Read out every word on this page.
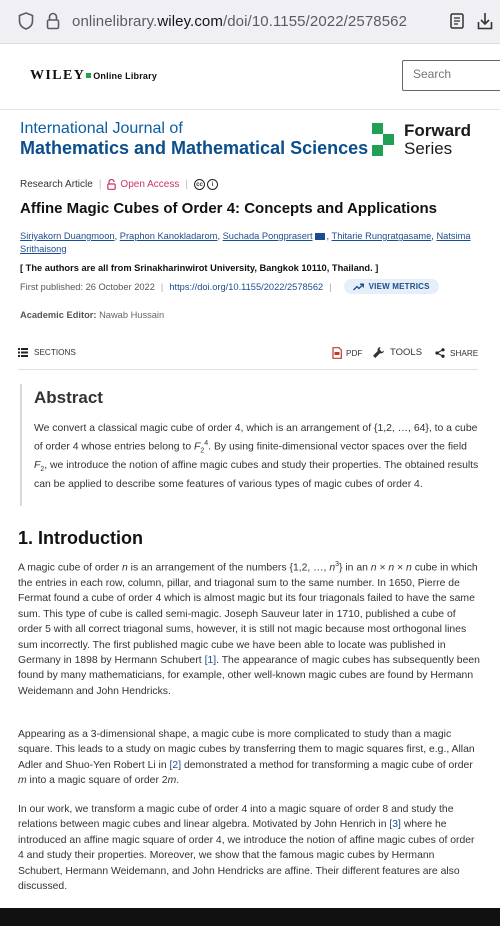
onlinelibrary.wiley.com/doi/10.1155/2022/2578562
WILEY Online Library
Search
International Journal of
Mathematics and Mathematical Sciences
Forward
Series
Research Article | Open Access |	cc	i
Affine Magic Cubes of Order 4: Concepts and Applications
Siriyakorn Duangmoon, Praphon Kanokladarom, Suchada Pongprasert , Thitarie Rungratgasame, Natsima Srithaisong
[ The authors are all from Srinakharinwirot University, Bangkok 10110, Thailand. ]
First published: 26 October 2022 | https://doi.org/10.1155/2022/2578562 |	VIEW METRICS
Academic Editor: Nawab Hussain
SECTIONS	PDF	TOOLS	SHARE
Abstract

We convert a classical magic cube of order 4, which is an arrangement of {1,2, …, 64}, to a cube of order 4 whose entries belong to $F_2^4$. By using finite-dimensional vector spaces over the field $F_2$, we introduce the notion of affine magic cubes and study their properties. The obtained results can be applied to describe some features of various types of magic cubes of order 4.

1. Introduction
A magic cube of order n is an arrangement of the numbers {1,2, …, $n^3$} in an n × n × n cube in which the entries in each row, column, pillar, and triagonal sum to the same number. In 1650, Pierre de Fermat found a cube of order 4 which is almost magic but its four triagonals failed to have the same sum. This type of cube is called semi-magic. Joseph Sauveur later in 1710, published a cube of order 5 with all correct triagonal sums, however, it is still not magic because most orthogonal lines sum incorrectly. The first published magic cube we have been able to locate was published in Germany in 1898 by Hermann Schubert [1]. The appearance of magic cubes has subsequently been found by many mathematicians, for example, other well-known magic cubes are found by Hermann Weidemann and John Hendricks.
Appearing as a 3-dimensional shape, a magic cube is more complicated to study than a magic square. This leads to a study on magic cubes by transferring them to magic squares first, e.g., Allan Adler and Shuo-Yen Robert Li in [2] demonstrated a method for transforming a magic cube of order m into a magic square of order 2m.
In our work, we transform a magic cube of order 4 into a magic square of order 8 and study the relations between magic cubes and linear algebra. Motivated by John Henrich in [3] where he introduced an affine magic square of order 4, we introduce the notion of affine magic cubes of order 4 and study their properties. Moreover, we show that the famous magic cubes by Hermann Schubert, Hermann Weidemann, and John Hendricks are affine. Their different features are also discussed.
